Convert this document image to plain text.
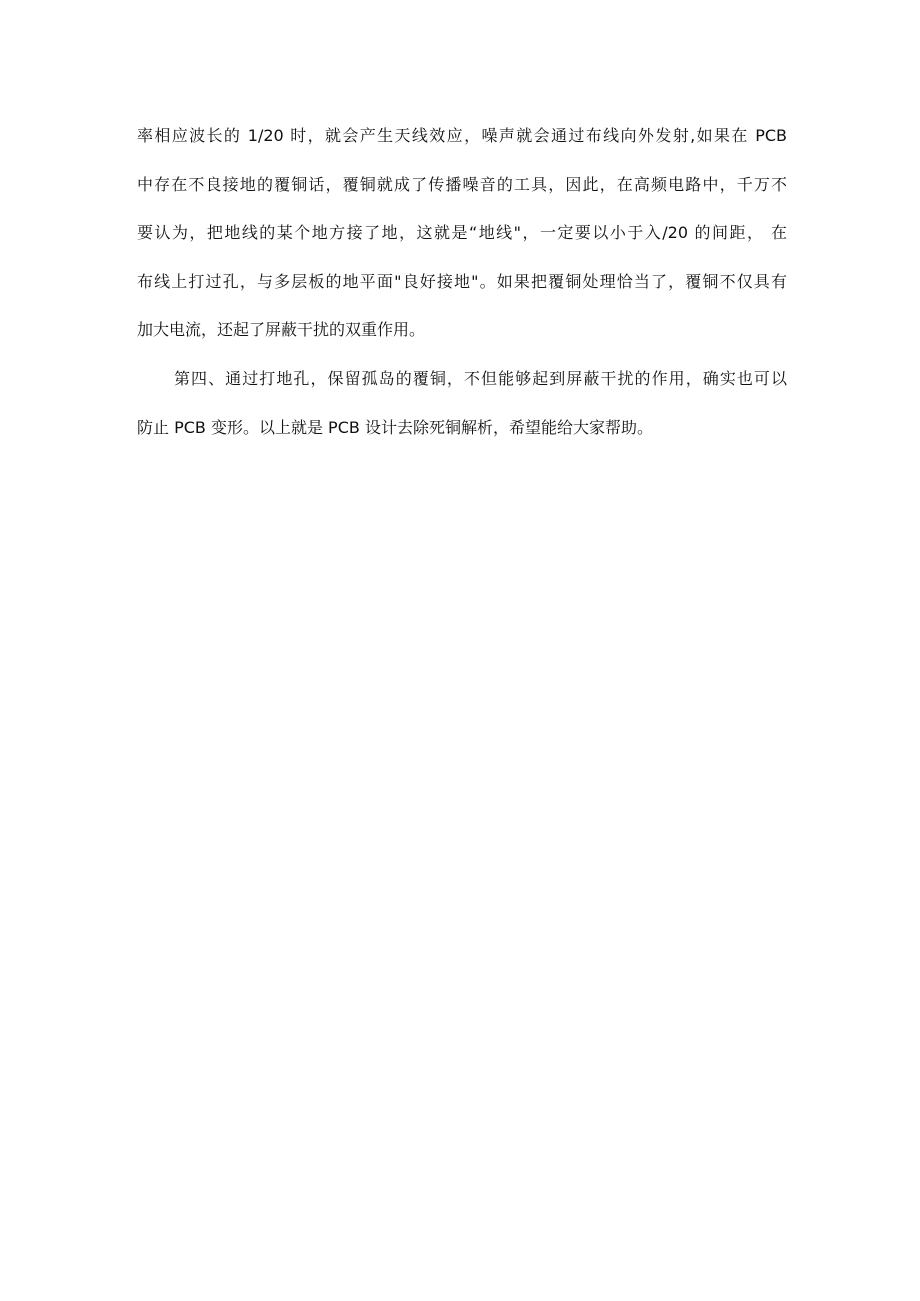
率相应波长的 1/20 时，就会产生天线效应，噪声就会通过布线向外发射,如果在 PCB
中存在不良接地的覆铜话，覆铜就成了传播噪音的工具，因此，在高频电路中，千万不
要认为，把地线的某个地方接了地，这就是“地线"，一定要以小于入/20 的间距， 在
布线上打过孔，与多层板的地平面"良好接地"。如果把覆铜处理恰当了，覆铜不仅具有
加大电流，还起了屏蔽干扰的双重作用。
第四、通过打地孔，保留孤岛的覆铜，不但能够起到屏蔽干扰的作用，确实也可以
防止 PCB 变形。以上就是 PCB 设计去除死铜解析，希望能给大家帮助。
